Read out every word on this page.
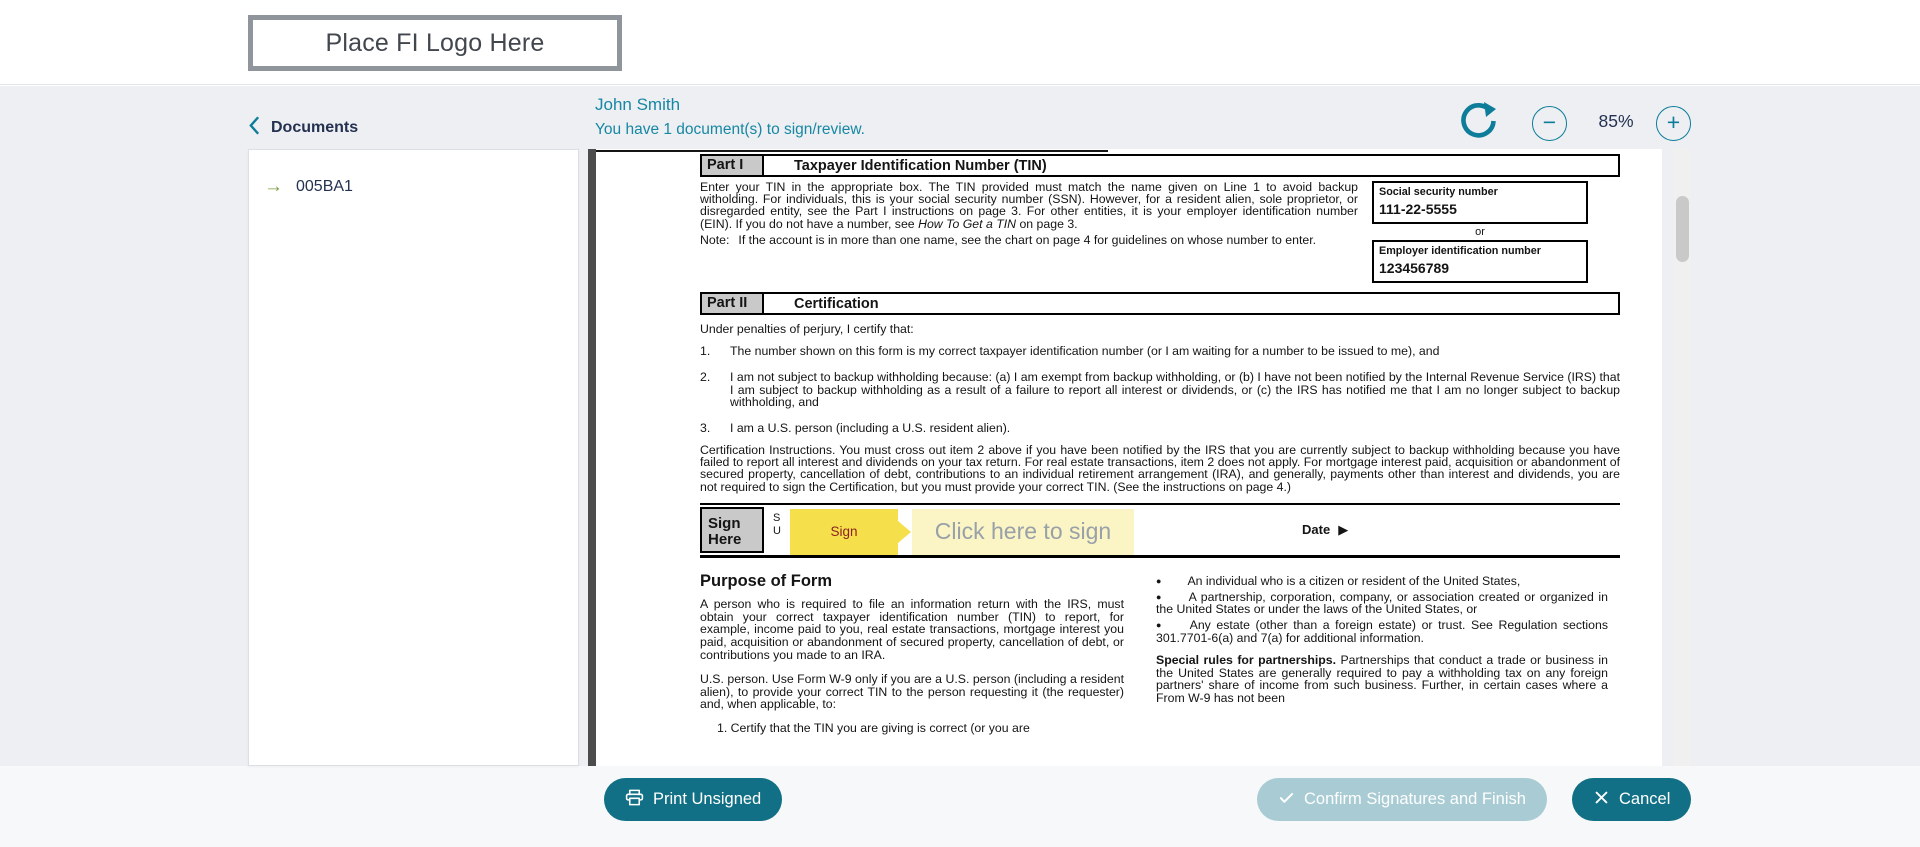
Place FI Logo Here
John Smith
You have 1 document(s) to sign/review.	−	85%	+
Documents
→ 005BA1
Part I	Taxpayer Identification Number (TIN)

Enter your TIN in the appropriate box. The TIN provided must match the name given on Line 1 to avoid backup witholding. For individuals, this is your social security number (SSN). However, for a resident alien, sole proprietor, or disregarded entity, see the Part I instructions on page 3. For other entities, it is your employer identification number (EIN). If you do not have a number, see How To Get a TIN on page 3.

Note: If the account is in more than one name, see the chart on page 4 for guidelines on whose number to enter.

Social security number
111-22-5555
or
Employer identification number
123456789
Part II	Certification

Under penalties of perjury, I certify that:

1.	The number shown on this form is my correct taxpayer identification number (or I am waiting for a number to be issued to me), and
2.	I am not subject to backup withholding because: (a) I am exempt from backup withholding, or (b) I have not been notified by the Internal Revenue Service (IRS) that I am subject to backup withholding as a result of a failure to report all interest or dividends, or (c) the IRS has notified me that I am no longer subject to backup withholding, and
3.	I am a U.S. person (including a U.S. resident alien).

Certification Instructions. You must cross out item 2 above if you have been notified by the IRS that you are currently subject to backup withholding because you have failed to report all interest and dividends on your tax return. For real estate transactions, item 2 does not apply. For mortgage interest paid, acquisition or abandonment of secured property, cancellation of debt, contributions to an individual retirement arrangement (IRA), and generally, payments other than interest and dividends, you are not required to sign the Certification, but you must provide your correct TIN. (See the instructions on page 4.)

Sign
Here
S
U	Sign	Click here to sign	Date ▶
Purpose of Form

A person who is required to file an information return with the IRS, must obtain your correct taxpayer identification number (TIN) to report, for example, income paid to you, real estate transactions, mortgage interest you paid, acquisition or abandonment of secured property, cancellation of debt, or contributions you made to an IRA.

U.S. person. Use Form W-9 only if you are a U.S. person (including a resident alien), to provide your correct TIN to the person requesting it (the requester) and, when applicable, to:

1. Certify that the TIN you are giving is correct (or you are

● An individual who is a citizen or resident of the United States,

● A partnership, corporation, company, or association created or organized in the United States or under the laws of the United States, or

● Any estate (other than a foreign estate) or trust. See Regulation sections 301.7701-6(a) and 7(a) for additional information.

Special rules for partnerships. Partnerships that conduct a trade or business in the United States are generally required to pay a withholding tax on any foreign partners' share of income from such business. Further, in certain cases where a From W-9 has not been

Print Unsigned	Confirm Signatures and Finish	Cancel
